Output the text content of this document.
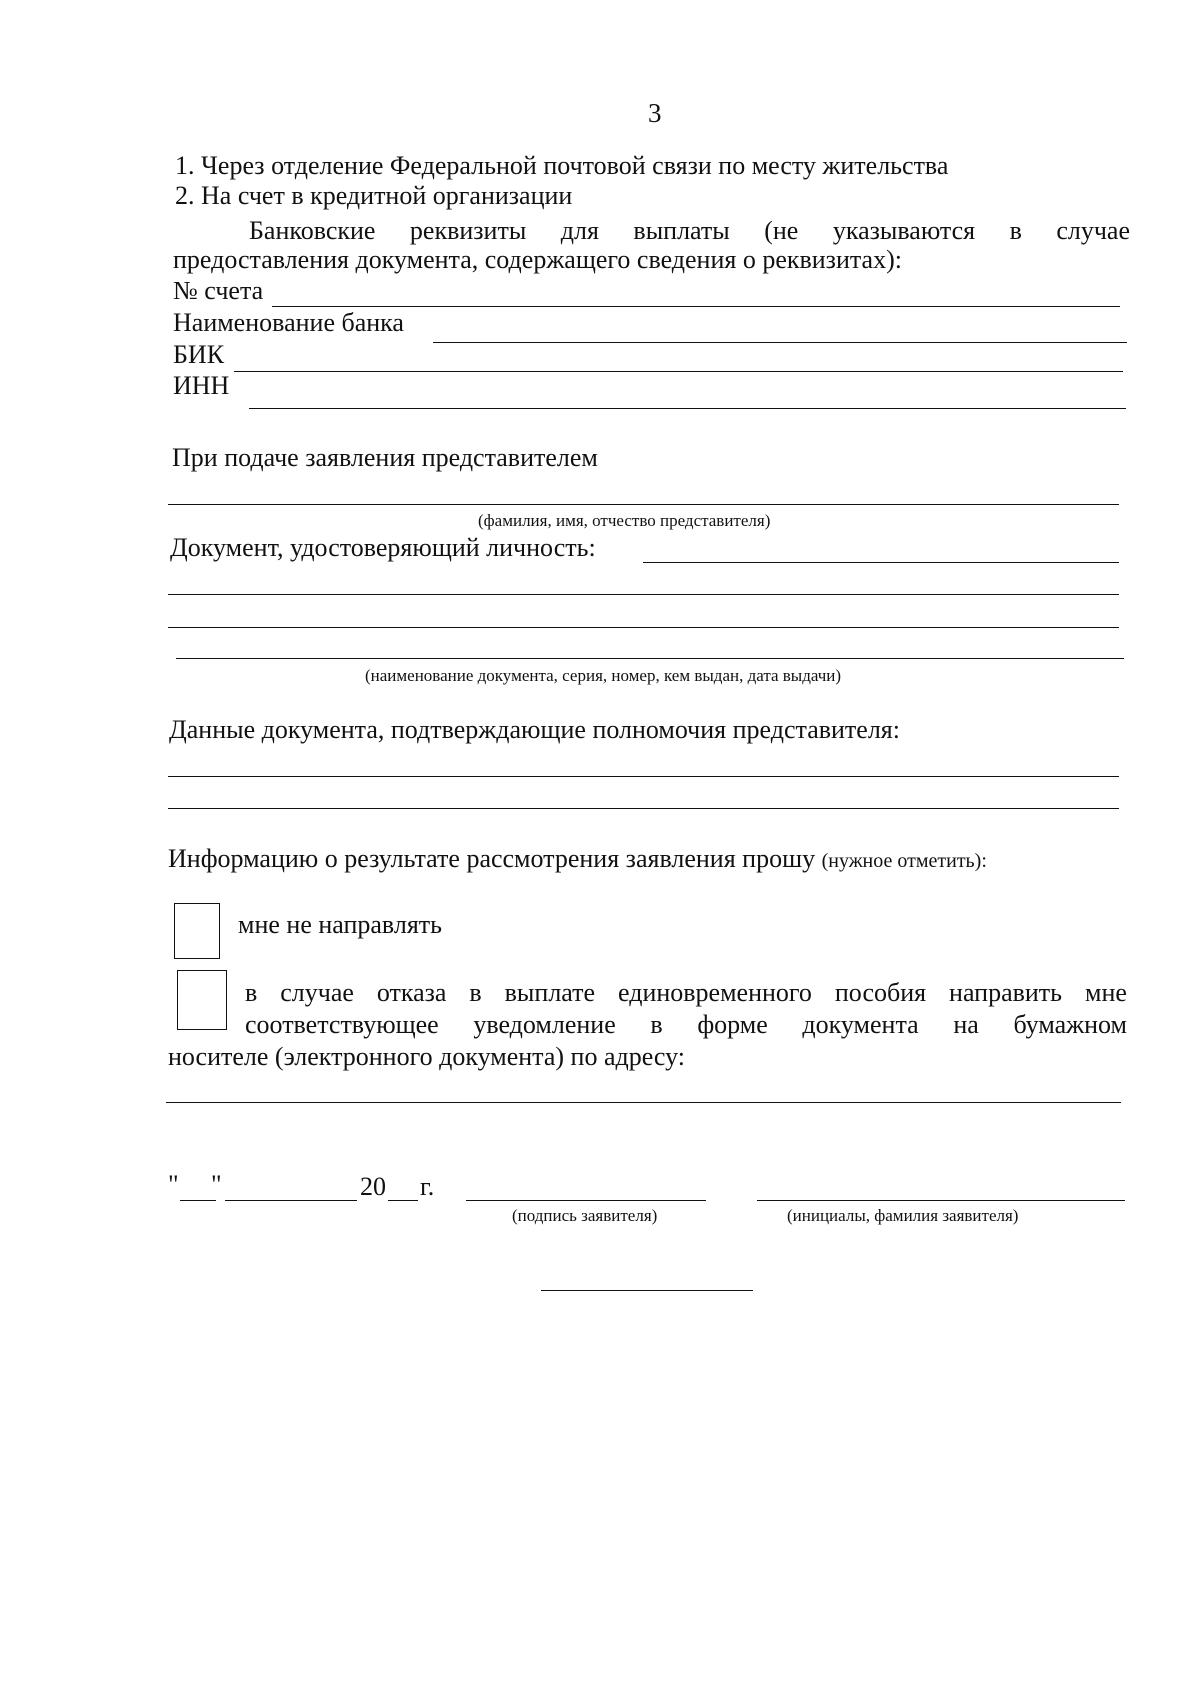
3
1. Через отделение Федеральной почтовой связи по месту жительства
2. На счет в кредитной организации
Банковские реквизиты для выплаты (не указываются в случае
предоставления документа, содержащего сведения о реквизитах):
№ счета
Наименование банка
БИК
ИНН
При подаче заявления представителем
(фамилия, имя, отчество представителя)
Документ, удостоверяющий личность:
(наименование документа, серия, номер, кем выдан, дата выдачи)
Данные документа, подтверждающие полномочия представителя:
Информацию о результате рассмотрения заявления прошу (нужное отметить):
мне не направлять
в случае отказа в выплате единовременного пособия направить мне
соответствующее уведомление в форме документа на бумажном
носителе (электронного документа) по адресу:
" "	20 г.
(подпись заявителя)	(инициалы, фамилия заявителя)
